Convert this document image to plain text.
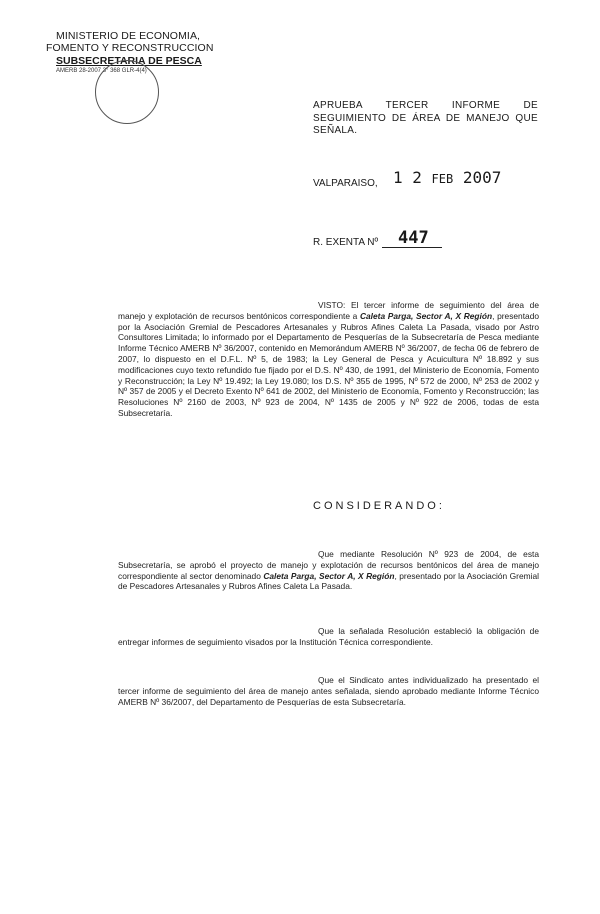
MINISTERIO DE ECONOMIA,
FOMENTO Y RECONSTRUCCION
SUBSECRETARIA DE PESCA
AMERB 28-2007 3° 368 GLR-4(4)
APRUEBA TERCER INFORME DE SEGUIMIENTO DE ÁREA DE MANEJO QUE SEÑALA.
VALPARAISO, 1 2 FEB 2007
R. EXENTA Nº 447
VISTO: El tercer informe de seguimiento del área de manejo y explotación de recursos bentónicos correspondiente a Caleta Parga, Sector A, X Región, presentado por la Asociación Gremial de Pescadores Artesanales y Rubros Afines Caleta La Pasada, visado por Astro Consultores Limitada; lo informado por el Departamento de Pesquerías de la Subsecretaría de Pesca mediante Informe Técnico AMERB Nº 36/2007, contenido en Memorándum AMERB Nº 36/2007, de fecha 06 de febrero de 2007, lo dispuesto en el D.F.L. Nº 5, de 1983; la Ley General de Pesca y Acuicultura Nº 18.892 y sus modificaciones cuyo texto refundido fue fijado por el D.S. Nº 430, de 1991, del Ministerio de Economía, Fomento y Reconstrucción; la Ley Nº 19.492; la Ley 19.080; los D.S. Nº 355 de 1995, Nº 572 de 2000, Nº 253 de 2002 y Nº 357 de 2005 y el Decreto Exento Nº 641 de 2002, del Ministerio de Economía, Fomento y Reconstrucción; las Resoluciones Nº 2160 de 2003, Nº 923 de 2004, Nº 1435 de 2005 y Nº 922 de 2006, todas de esta Subsecretaría.
CONSIDERANDO:
Que mediante Resolución Nº 923 de 2004, de esta Subsecretaría, se aprobó el proyecto de manejo y explotación de recursos bentónicos del área de manejo correspondiente al sector denominado Caleta Parga, Sector A, X Región, presentado por la Asociación Gremial de Pescadores Artesanales y Rubros Afines Caleta La Pasada.
Que la señalada Resolución estableció la obligación de entregar informes de seguimiento visados por la Institución Técnica correspondiente.
Que el Sindicato antes individualizado ha presentado el tercer informe de seguimiento del área de manejo antes señalada, siendo aprobado mediante Informe Técnico AMERB Nº 36/2007, del Departamento de Pesquerías de esta Subsecretaría.
